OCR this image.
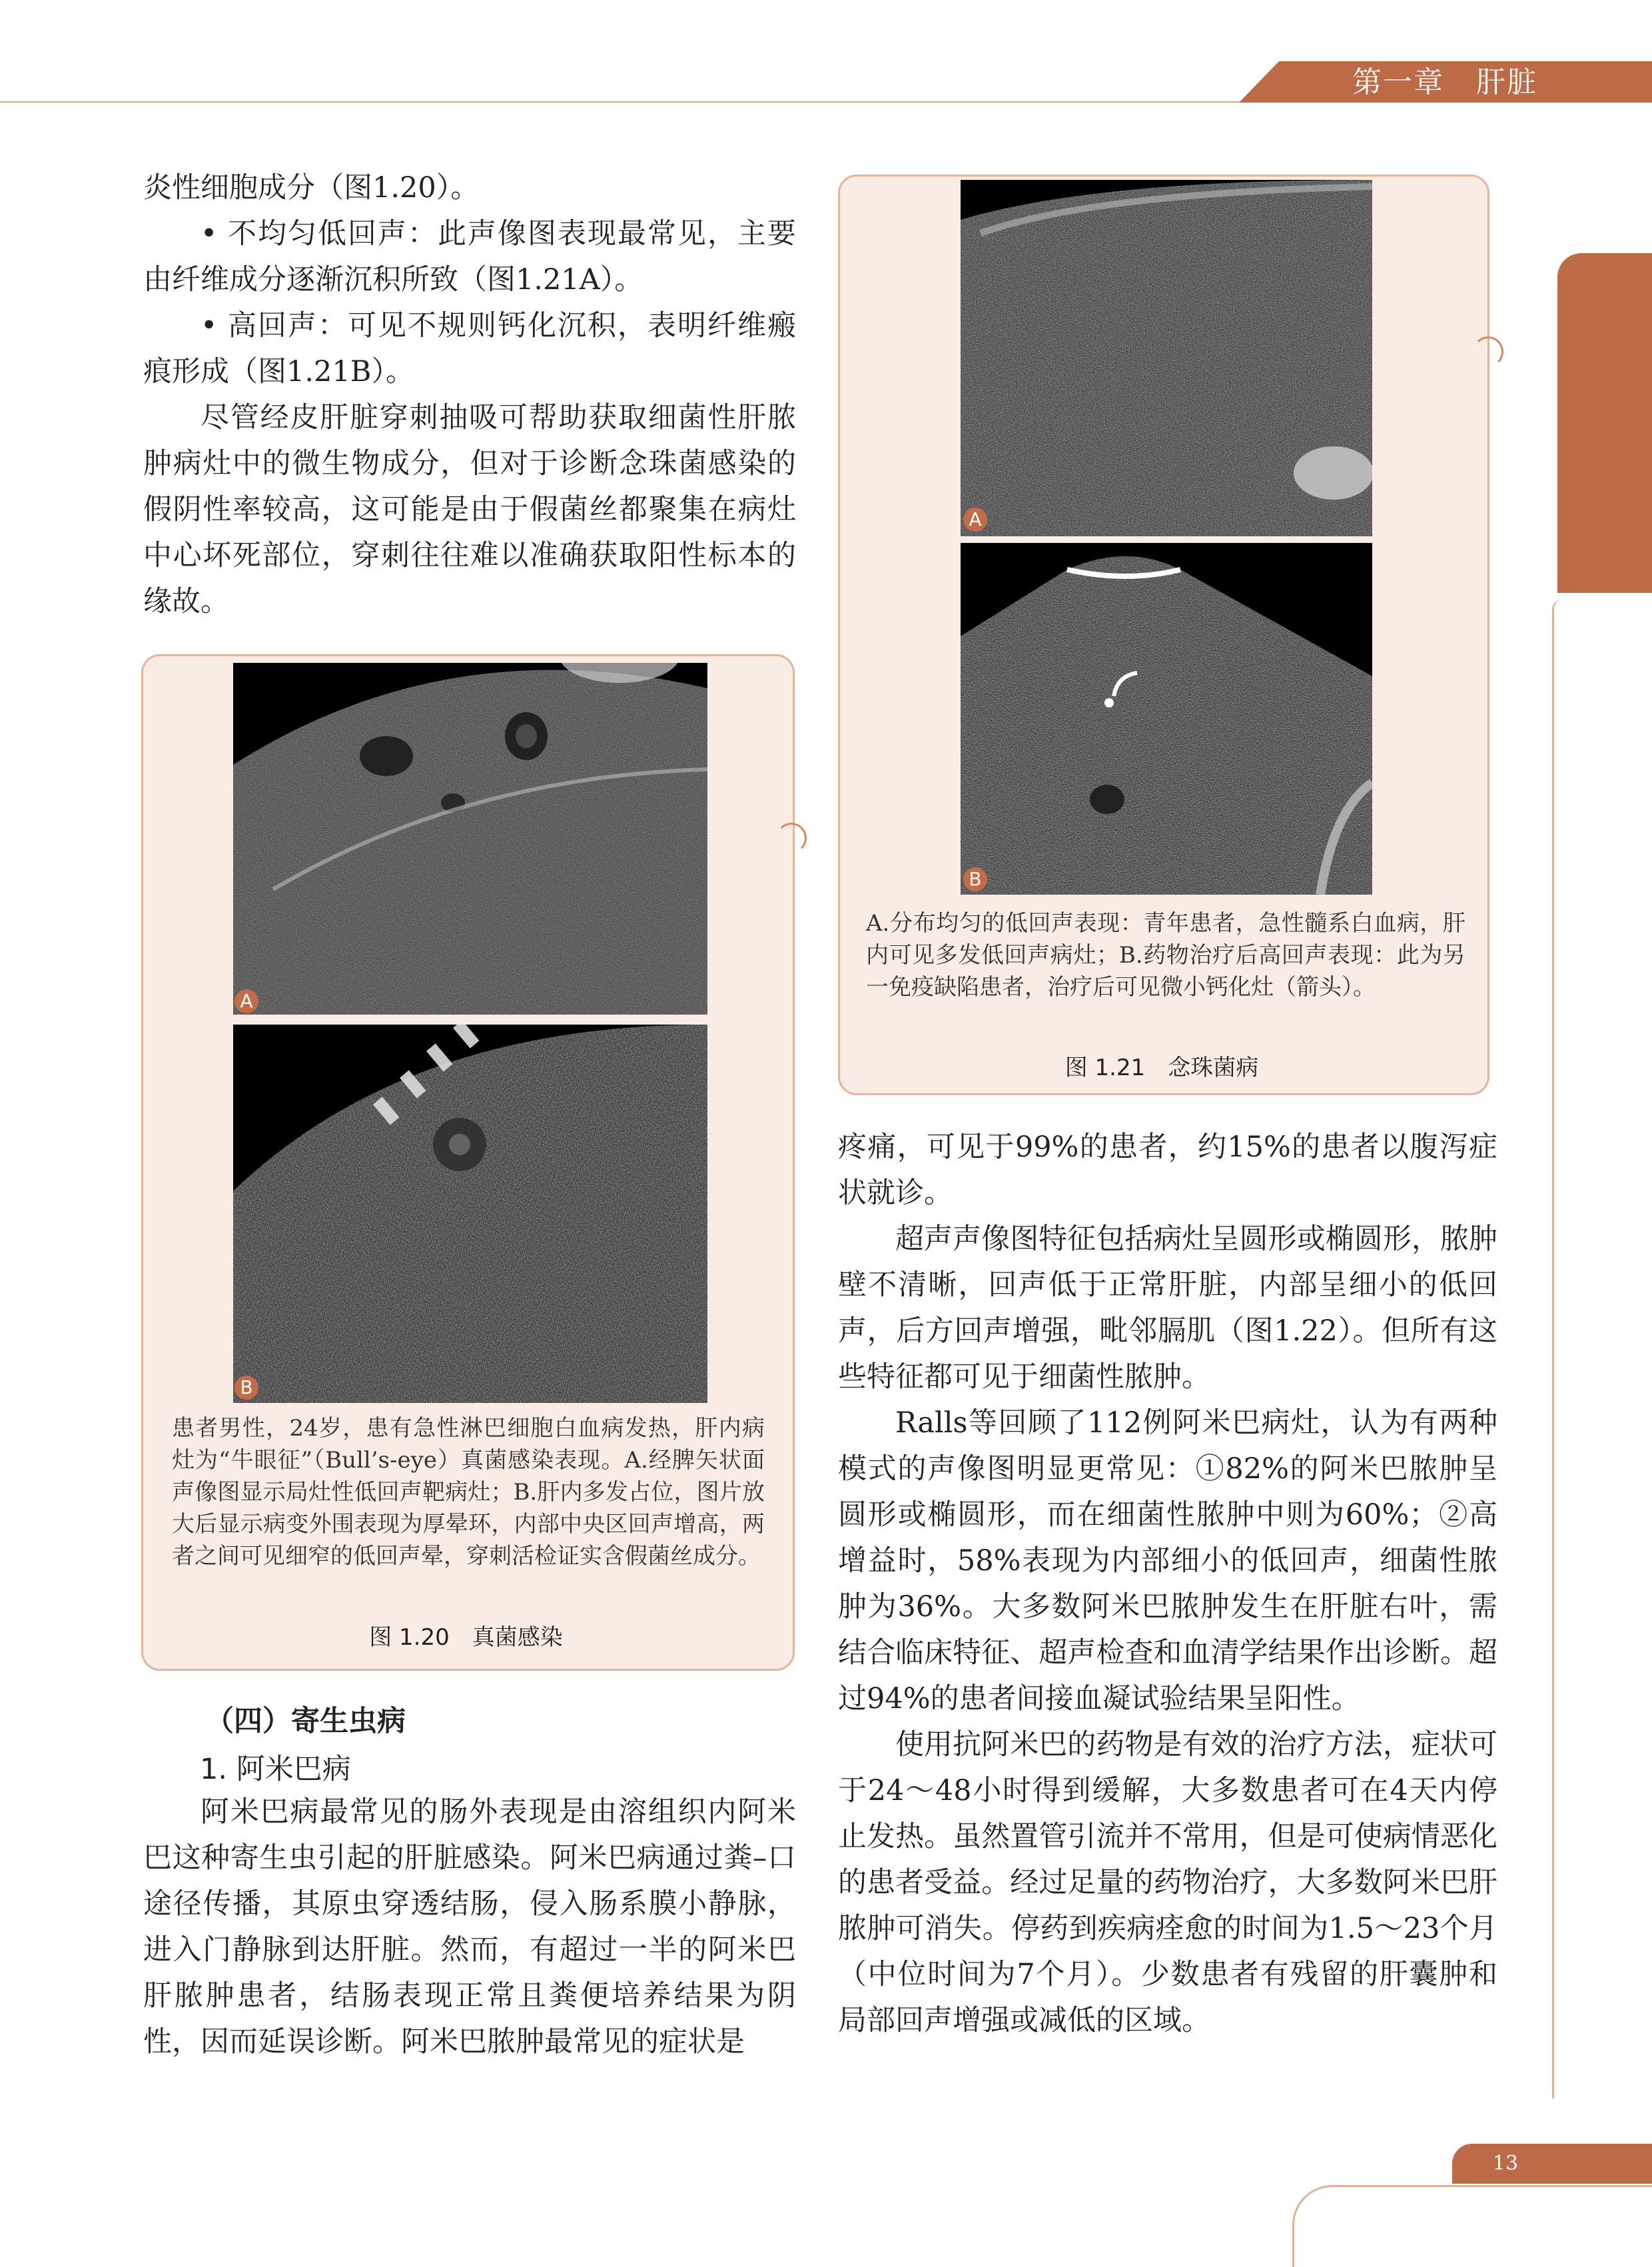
第一章 肝脏

炎性细胞成分（图1.20）。

• 不均匀低回声：此声像图表现最常见，主要由纤维成分逐渐沉积所致（图1.21A）。

• 高回声：可见不规则钙化沉积，表明纤维瘢痕形成（图1.21B）。

尽管经皮肝脏穿刺抽吸可帮助获取细菌性肝脓肿病灶中的微生物成分，但对于诊断念珠菌感染的假阴性率较高，这可能是由于假菌丝都聚集在病灶中心坏死部位，穿刺往往难以准确获取阳性标本的缘故。

A
B
患者男性，24岁，患有急性淋巴细胞白血病发热，肝内病灶为“牛眼征”（Bull’s-eye）真菌感染表现。A.经脾矢状面声像图显示局灶性低回声靶病灶；B.肝内多发占位，图片放大后显示病变外围表现为厚晕环，内部中央区回声增高，两者之间可见细窄的低回声晕，穿刺活检证实含假菌丝成分。
图 1.20　真菌感染
（四）寄生虫病
1. 阿米巴病

阿米巴病最常见的肠外表现是由溶组织内阿米巴这种寄生虫引起的肝脏感染。阿米巴病通过粪–口途径传播，其原虫穿透结肠，侵入肠系膜小静脉，进入门静脉到达肝脏。然而，有超过一半的阿米巴肝脓肿患者，结肠表现正常且粪便培养结果为阴性，因而延误诊断。阿米巴脓肿最常见的症状是

A
B
A.分布均匀的低回声表现：青年患者，急性髓系白血病，肝内可见多发低回声病灶；B.药物治疗后高回声表现：此为另一免疫缺陷患者，治疗后可见微小钙化灶（箭头）。
图 1.21　念珠菌病

疼痛，可见于99%的患者，约15%的患者以腹泻症状就诊。

超声声像图特征包括病灶呈圆形或椭圆形，脓肿壁不清晰，回声低于正常肝脏，内部呈细小的低回声，后方回声增强，毗邻膈肌（图1.22）。但所有这些特征都可见于细菌性脓肿。

Ralls等回顾了112例阿米巴病灶，认为有两种模式的声像图明显更常见：①82%的阿米巴脓肿呈圆形或椭圆形，而在细菌性脓肿中则为60%；②高增益时，58%表现为内部细小的低回声，细菌性脓肿为36%。大多数阿米巴脓肿发生在肝脏右叶，需结合临床特征、超声检查和血清学结果作出诊断。超过94%的患者间接血凝试验结果呈阳性。

使用抗阿米巴的药物是有效的治疗方法，症状可于24～48小时得到缓解，大多数患者可在4天内停止发热。虽然置管引流并不常用，但是可使病情恶化的患者受益。经过足量的药物治疗，大多数阿米巴肝脓肿可消失。停药到疾病痊愈的时间为1.5～23个月（中位时间为7个月）。少数患者有残留的肝囊肿和局部回声增强或减低的区域。

13
